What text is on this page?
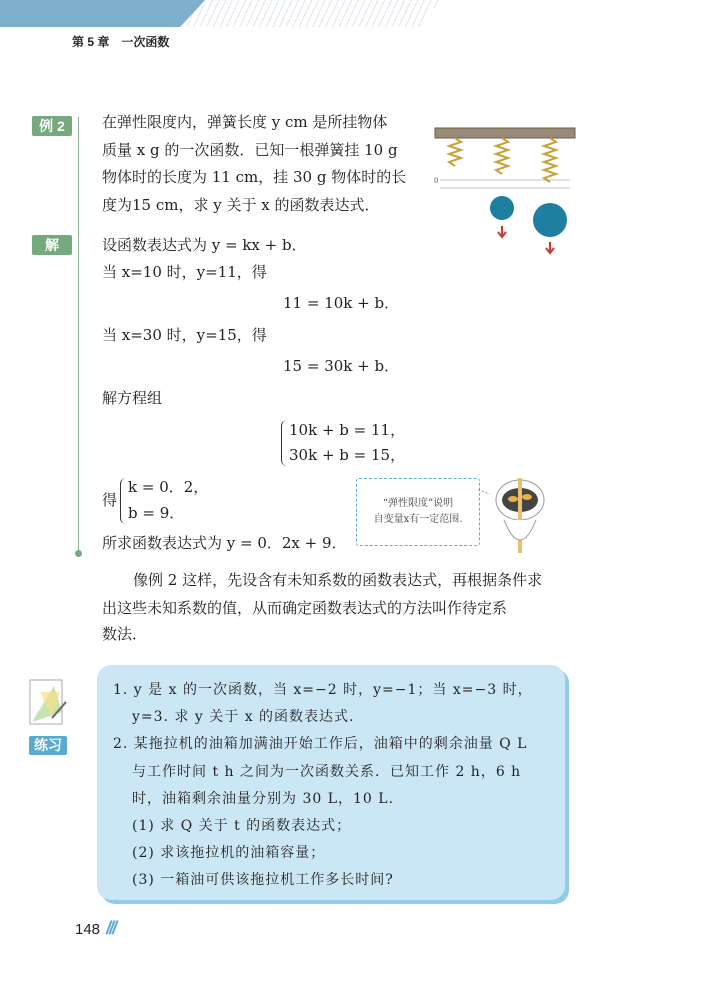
第 5 章　一次函数
例 2
解
在弹性限度内，弹簧长度 y cm 是所挂物体
质量 x g 的一次函数．已知一根弹簧挂 10 g
物体时的长度为 11 cm，挂 30 g 物体时的长
度为15 cm，求 y 关于 x 的函数表达式．
0
设函数表达式为 y = kx + b．
当 x=10 时，y=11，得
11 = 10k + b．
当 x=30 时，y=15，得
15 = 30k + b．
解方程组
10k + b = 11，
30k + b = 15，
得
k = 0．2，
b = 9．
所求函数表达式为 y = 0．2x + 9．
“弹性限度”说明
自变量x有一定范围.
像例 2 这样，先设含有未知系数的函数表达式，再根据条件求
出这些未知系数的值，从而确定函数表达式的方法叫作待定系
数法．
练习
1. y 是 x 的一次函数，当 x=−2 时，y=−1；当 x=−3 时，
y=3. 求 y 关于 x 的函数表达式.
2. 某拖拉机的油箱加满油开始工作后，油箱中的剩余油量 Q L
与工作时间 t h 之间为一次函数关系．已知工作 2 h，6 h
时，油箱剩余油量分别为 30 L，10 L．
(1) 求 Q 关于 t 的函数表达式；
(2) 求该拖拉机的油箱容量；
(3) 一箱油可供该拖拉机工作多长时间?
148 ///
